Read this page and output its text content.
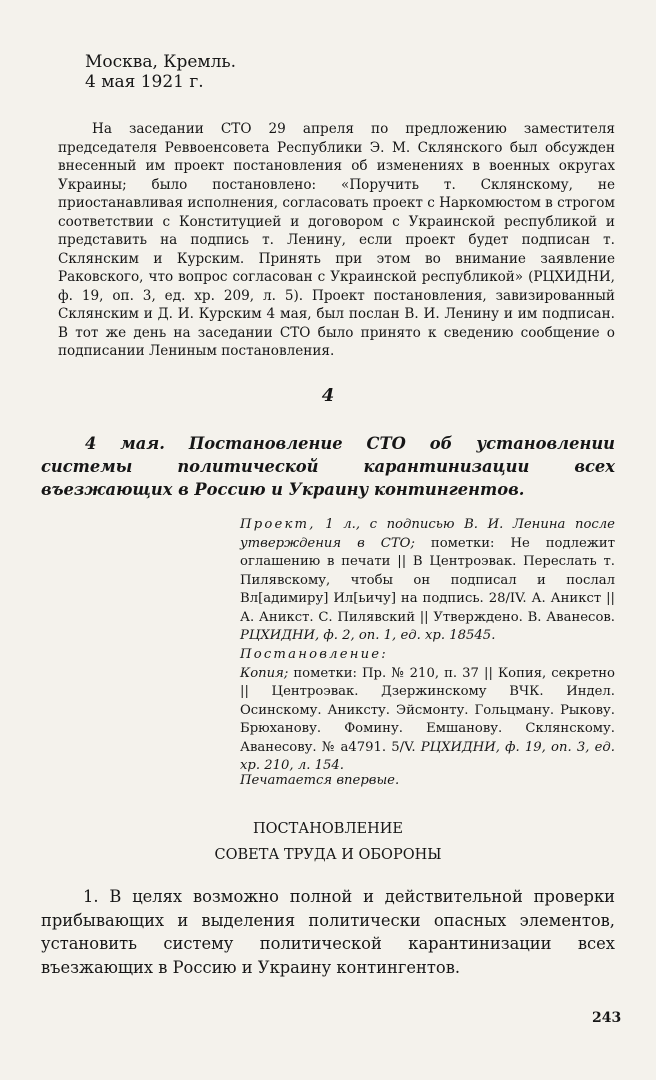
Москва, Кремль.
4 мая 1921 г.

На заседании СТО 29 апреля по предложению заместителя председателя Реввоенсовета Республики Э. М. Склянского был обсужден внесенный им проект постановления об изменениях в военных округах Украины; было постановлено: «Поручить т. Склянскому, не приостанавливая исполнения, согласовать проект с Наркомюстом в строгом соответствии с Конституцией и договором с Украинской республикой и представить на подпись т. Ленину, если проект будет подписан т. Склянским и Курским. Принять при этом во внимание заявление Раковского, что вопрос согласован с Украинской республикой» (РЦХИДНИ, ф. 19, оп. 3, ед. хр. 209, л. 5). Проект постановления, завизированный Склянским и Д. И. Курским 4 мая, был послан В. И. Ленину и им подписан. В тот же день на заседании СТО было принято к сведению сообщение о подписании Лениным постановления.

4

4 мая. Постановление СТО об установлении системы политической карантинизации всех въезжающих в Россию и Украину контингентов.

Проект, 1 л., с подписью В. И. Ленина после утверждения в СТО; пометки: Не подлежит оглашению в печати || В Центроэвак. Переслать т. Пилявскому, чтобы он подписал и послал Вл[адимиру] Ил[ьичу] на подпись. 28/IV. А. Аникст || А. Аникст. С. Пилявский || Утверждено. В. Аванесов. РЦХИДНИ, ф. 2, оп. 1, ед. хр. 18545.

Постановление:
Копия; пометки: Пр. № 210, п. 37 || Копия, секретно || Центроэвак. Дзержинскому ВЧК. Индел. Осинскому. Аниксту. Эйсмонту. Гольцману. Рыкову. Брюханову. Фомину. Емшанову. Склянскому. Аванесову. № а4791. 5/V. РЦХИДНИ, ф. 19, оп. 3, ед. хр. 210, л. 154.

Печатается впервые.

ПОСТАНОВЛЕНИЕ
СОВЕТА ТРУДА И ОБОРОНЫ

1. В целях возможно полной и действительной проверки прибывающих и выделения политически опасных элементов, установить систему политической карантинизации всех въезжающих в Россию и Украину контингентов.

243
